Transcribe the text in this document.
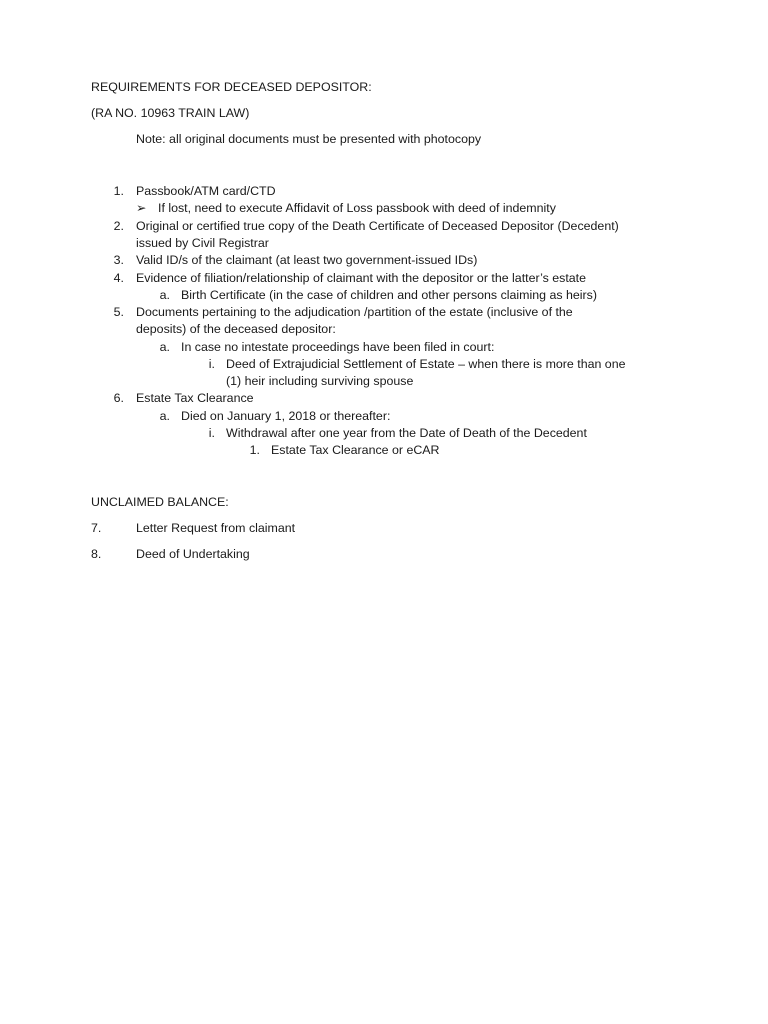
REQUIREMENTS FOR DECEASED DEPOSITOR:
(RA NO. 10963 TRAIN LAW)
Note: all original documents must be presented with photocopy
1. Passbook/ATM card/CTD
➢ If lost, need to execute Affidavit of Loss passbook with deed of indemnity
2. Original or certified true copy of the Death Certificate of Deceased Depositor (Decedent)
issued by Civil Registrar
3. Valid ID/s of the claimant (at least two government-issued IDs)
4. Evidence of filiation/relationship of claimant with the depositor or the latter’s estate
a. Birth Certificate (in the case of children and other persons claiming as heirs)
5. Documents pertaining to the adjudication /partition of the estate (inclusive of the
deposits) of the deceased depositor:
a. In case no intestate proceedings have been filed in court:
i. Deed of Extrajudicial Settlement of Estate – when there is more than one
(1) heir including surviving spouse
6. Estate Tax Clearance
a. Died on January 1, 2018 or thereafter:
i. Withdrawal after one year from the Date of Death of the Decedent
1. Estate Tax Clearance or eCAR
UNCLAIMED BALANCE:
7.	Letter Request from claimant
8.	Deed of Undertaking
